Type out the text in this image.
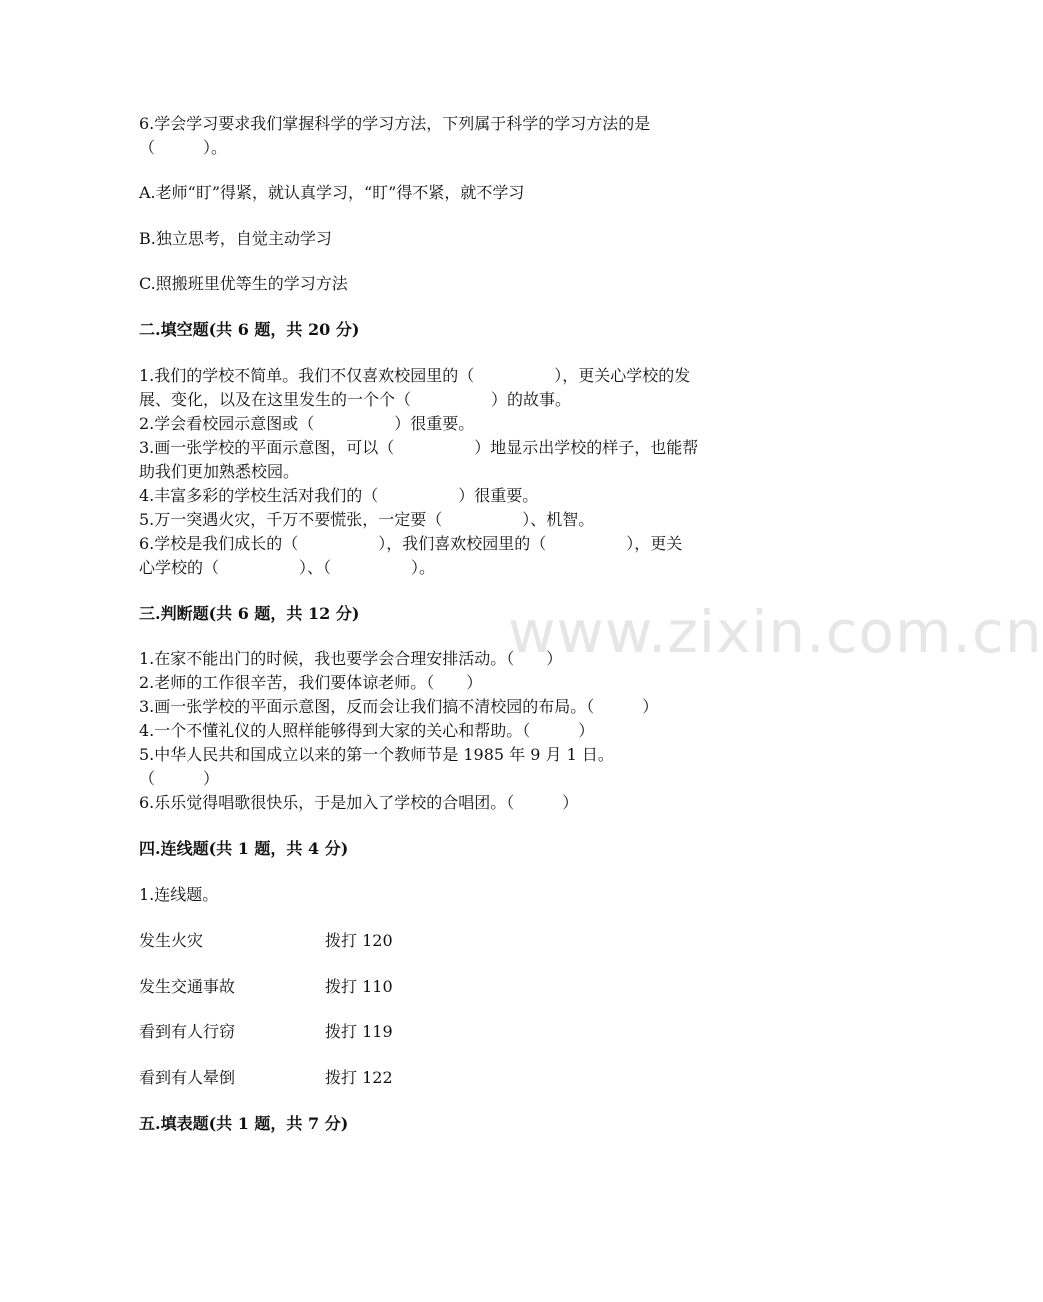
www.zixin.com.cn
6.学会学习要求我们掌握科学的学习方法，下列属于科学的学习方法的是
（　　　）。
A.老师“盯”得紧，就认真学习，“盯”得不紧，就不学习
B.独立思考，自觉主动学习
C.照搬班里优等生的学习方法
二.填空题(共 6 题，共 20 分)
1.我们的学校不简单。我们不仅喜欢校园里的（　　　　　），更关心学校的发
展、变化，以及在这里发生的一个个（　　　　　）的故事。
2.学会看校园示意图或（　　　　　）很重要。
3.画一张学校的平面示意图，可以（　　　　　）地显示出学校的样子，也能帮
助我们更加熟悉校园。
4.丰富多彩的学校生活对我们的（　　　　　）很重要。
5.万一突遇火灾，千万不要慌张，一定要（　　　　　）、机智。
6.学校是我们成长的（　　　　　），我们喜欢校园里的（　　　　　），更关
心学校的（　　　　　）、（　　　　　）。
三.判断题(共 6 题，共 12 分)
1.在家不能出门的时候，我也要学会合理安排活动。（　　）
2.老师的工作很辛苦，我们要体谅老师。（　　）
3.画一张学校的平面示意图，反而会让我们搞不清校园的布局。（　　　）
4.一个不懂礼仪的人照样能够得到大家的关心和帮助。（　　　）
5.中华人民共和国成立以来的第一个教师节是 1985 年 9 月 1 日。
（　　　）
6.乐乐觉得唱歌很快乐，于是加入了学校的合唱团。（　　　）
四.连线题(共 1 题，共 4 分)
1.连线题。
发生火灾	拨打 120
发生交通事故	拨打 110
看到有人行窃	拨打 119
看到有人晕倒	拨打 122
五.填表题(共 1 题，共 7 分)
